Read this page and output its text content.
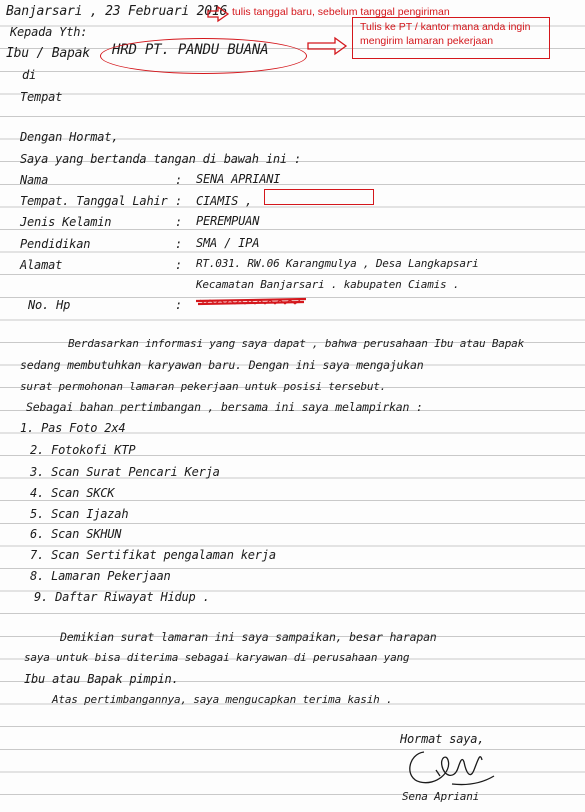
Banjarsari , 23 Februari 2016
Kepada Yth:
Ibu / Bapak HRD PT. PANDU BUANA
di
Tempat
tulis tanggal baru, sebelum tanggal pengiriman
Tulis ke PT / kantor mana anda ingin mengirim lamaran pekerjaan
Dengan Hormat,
Saya yang bertanda tangan di bawah ini :
Nama	: SENA APRIANI
Tempat. Tanggal Lahir : CIAMIS ,
Jenis Kelamin	: PEREMPUAN
Pendidikan	: SMA / IPA
Alamat	: RT.031. RW.06 Karangmulya , Desa Langkapsari
Kecamatan Banjarsari . kabupaten Ciamis .
No. Hp	:
Berdasarkan informasi yang saya dapat , bahwa perusahaan Ibu atau Bapak
sedang membutuhkan karyawan baru. Dengan ini saya mengajukan
surat permohonan lamaran pekerjaan untuk posisi tersebut.
Sebagai bahan pertimbangan , bersama ini saya melampirkan :
1. Pas Foto 2x4
2. Fotokofi KTP
3. Scan Surat Pencari Kerja
4. Scan SKCK
5. Scan Ijazah
6. Scan SKHUN
7. Scan Sertifikat pengalaman kerja
8. Lamaran Pekerjaan
9. Daftar Riwayat Hidup .
Demikian surat lamaran ini saya sampaikan, besar harapan
saya untuk bisa diterima sebagai karyawan di perusahaan yang
Ibu atau Bapak pimpin.
Atas pertimbangannya, saya mengucapkan terima kasih .
Hormat saya,
Sena Apriani
